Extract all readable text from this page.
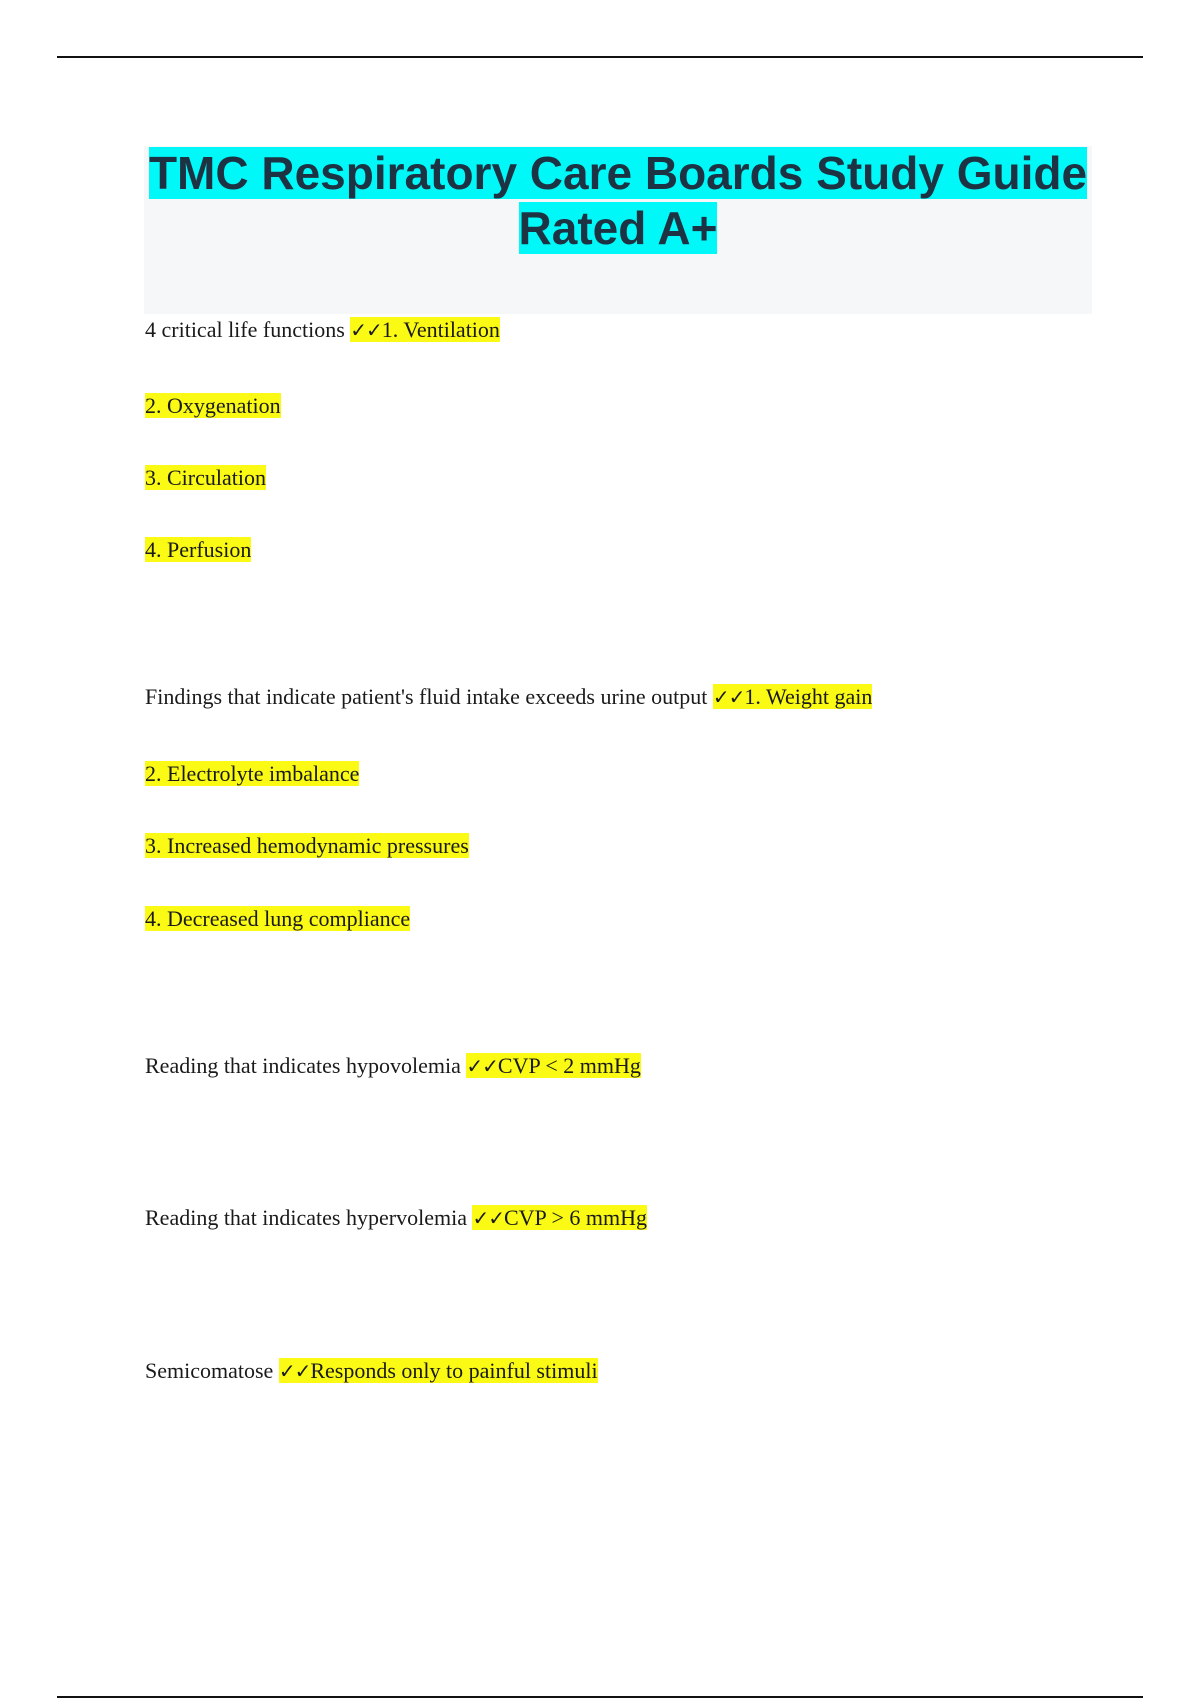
TMC Respiratory Care Boards Study Guide Rated A+
4 critical life functions ✓✓1. Ventilation
2. Oxygenation
3. Circulation
4. Perfusion
Findings that indicate patient's fluid intake exceeds urine output ✓✓1. Weight gain
2. Electrolyte imbalance
3. Increased hemodynamic pressures
4. Decreased lung compliance
Reading that indicates hypovolemia ✓✓CVP < 2 mmHg
Reading that indicates hypervolemia ✓✓CVP > 6 mmHg
Semicomatose ✓✓Responds only to painful stimuli
